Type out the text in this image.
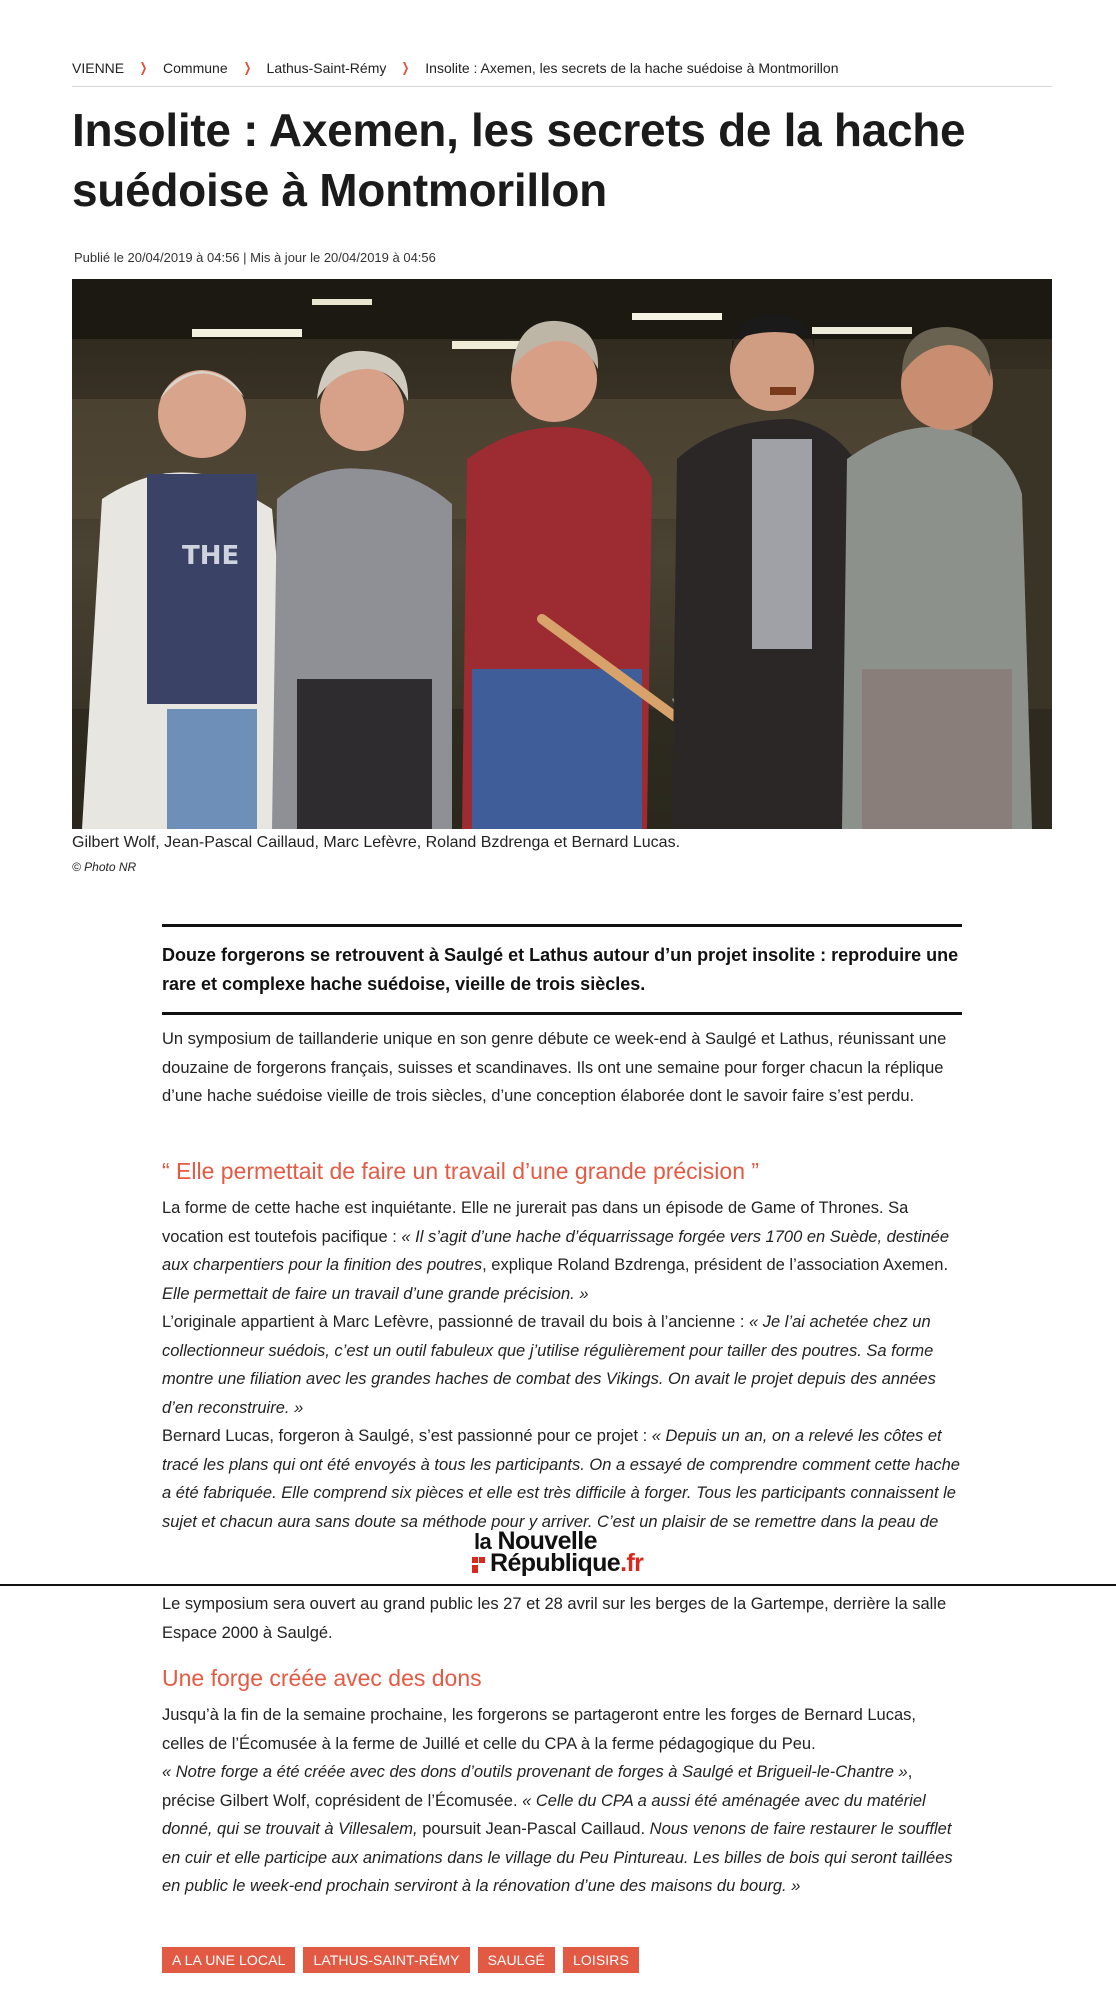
VIENNE ❯ Commune ❯ Lathus-Saint-Rémy ❯ Insolite : Axemen, les secrets de la hache suédoise à Montmorillon
Insolite : Axemen, les secrets de la hache suédoise à Montmorillon
Publié le 20/04/2019 à 04:56 | Mis à jour le 20/04/2019 à 04:56
THE
Gilbert Wolf, Jean-Pascal Caillaud, Marc Lefèvre, Roland Bzdrenga et Bernard Lucas.
© Photo NR
Douze forgerons se retrouvent à Saulgé et Lathus autour d’un projet insolite : reproduire une rare et complexe hache suédoise, vieille de trois siècles.

Un symposium de taillanderie unique en son genre débute ce week-end à Saulgé et Lathus, réunissant une douzaine de forgerons français, suisses et scandinaves. Ils ont une semaine pour forger chacun la réplique d’une hache suédoise vieille de trois siècles, d’une conception élaborée dont le savoir faire s’est perdu.

“ Elle permettait de faire un travail d’une grande précision ”

La forme de cette hache est inquiétante. Elle ne jurerait pas dans un épisode de Game of Thrones. Sa vocation est toutefois pacifique : « Il s’agit d’une hache d’équarrissage forgée vers 1700 en Suède, destinée aux charpentiers pour la finition des poutres, explique Roland Bzdrenga, président de l’association Axemen. Elle permettait de faire un travail d’une grande précision. »

L’originale appartient à Marc Lefèvre, passionné de travail du bois à l’ancienne : « Je l’ai achetée chez un collectionneur suédois, c’est un outil fabuleux que j’utilise régulièrement pour tailler des poutres. Sa forme montre une filiation avec les grandes haches de combat des Vikings. On avait le projet depuis des années d’en reconstruire. »

Bernard Lucas, forgeron à Saulgé, s’est passionné pour ce projet : « Depuis un an, on a relevé les côtes et tracé les plans qui ont été envoyés à tous les participants. On a essayé de comprendre comment cette hache a été fabriquée. Elle comprend six pièces et elle est très difficile à forger. Tous les participants connaissent le sujet et chacun aura sans doute sa méthode pour y arriver. C’est un plaisir de se remettre dans la peau de

la Nouvelle
République.fr

Le symposium sera ouvert au grand public les 27 et 28 avril sur les berges de la Gartempe, derrière la salle Espace 2000 à Saulgé.

Une forge créée avec des dons

Jusqu’à la fin de la semaine prochaine, les forgerons se partageront entre les forges de Bernard Lucas, celles de l’Écomusée à la ferme de Juillé et celle du CPA à la ferme pédagogique du Peu.

« Notre forge a été créée avec des dons d’outils provenant de forges à Saulgé et Brigueil-le-Chantre », précise Gilbert Wolf, coprésident de l’Écomusée. « Celle du CPA a aussi été aménagée avec du matériel donné, qui se trouvait à Villesalem, poursuit Jean-Pascal Caillaud. Nous venons de faire restaurer le soufflet en cuir et elle participe aux animations dans le village du Peu Pintureau. Les billes de bois qui seront taillées en public le week-end prochain serviront à la rénovation d’une des maisons du bourg. »

A LA UNE LOCAL	LATHUS-SAINT-RÉMY	SAULGÉ	LOISIRS
